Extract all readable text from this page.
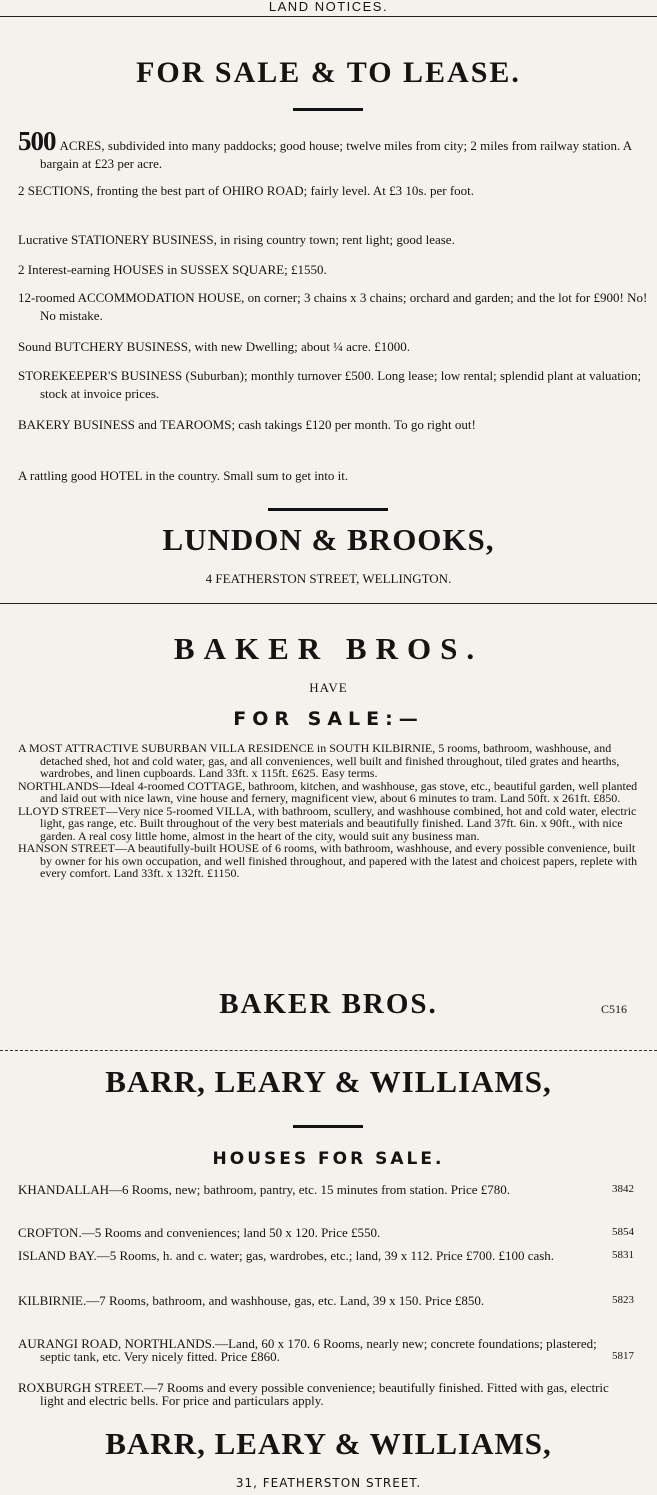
LAND NOTICES.
FOR SALE & TO LEASE.
500 ACRES, subdivided into many paddocks; good house; twelve miles from city; 2 miles from railway station. A bargain at £23 per acre.
2 SECTIONS, fronting the best part of OHIRO ROAD; fairly level. At £3 10s. per foot.
Lucrative STATIONERY BUSINESS, in rising country town; rent light; good lease.
2 Interest-earning HOUSES in SUSSEX SQUARE; £1550.
12-roomed ACCOMMODATION HOUSE, on corner; 3 chains x 3 chains; orchard and garden; and the lot for £900! No! No mistake.
Sound BUTCHERY BUSINESS, with new Dwelling; about ¼ acre. £1000.
STOREKEEPER'S BUSINESS (Suburban); monthly turnover £500. Long lease; low rental; splendid plant at valuation; stock at invoice prices.
BAKERY BUSINESS and TEAROOMS; cash takings £120 per month. To go right out!
A rattling good HOTEL in the country. Small sum to get into it.
LUNDON & BROOKS,
4 FEATHERSTON STREET, WELLINGTON.
BAKER BROS.
HAVE
FOR SALE:—

A MOST ATTRACTIVE SUBURBAN VILLA RESIDENCE in SOUTH KILBIRNIE, 5 rooms, bathroom, washhouse, and detached shed, hot and cold water, gas, and all conveniences, well built and finished throughout, tiled grates and hearths, wardrobes, and linen cupboards. Land 33ft. x 115ft. £625. Easy terms.

NORTHLANDS—Ideal 4-roomed COTTAGE, bathroom, kitchen, and washhouse, gas stove, etc., beautiful garden, well planted and laid out with nice lawn, vine house and fernery, magnificent view, about 6 minutes to tram. Land 50ft. x 261ft. £850.

LLOYD STREET—Very nice 5-roomed VILLA, with bathroom, scullery, and washhouse combined, hot and cold water, electric light, gas range, etc. Built throughout of the very best materials and beautifully finished. Land 37ft. 6in. x 90ft., with nice garden. A real cosy little home, almost in the heart of the city, would suit any business man.

HANSON STREET—A beautifully-built HOUSE of 6 rooms, with bathroom, washhouse, and every possible convenience, built by owner for his own occupation, and well finished throughout, and papered with the latest and choicest papers, replete with every comfort. Land 33ft. x 132ft. £1150.

BAKER BROS.	C516
BARR, LEARY & WILLIAMS,
HOUSES FOR SALE.
KHANDALLAH—6 Rooms, new; bathroom, pantry, etc. 15 minutes from station. Price £780.	3842
CROFTON.—5 Rooms and conveniences; land 50 x 120. Price £550.	5854
ISLAND BAY.—5 Rooms, h. and c. water; gas, wardrobes, etc.; land, 39 x 112. Price £700. £100 cash.	5831
KILBIRNIE.—7 Rooms, bathroom, and washhouse, gas, etc. Land, 39 x 150. Price £850.	5823
AURANGI ROAD, NORTHLANDS.—Land, 60 x 170. 6 Rooms, nearly new; concrete foundations; plastered; septic tank, etc. Very nicely fitted. Price £860.	5817
ROXBURGH STREET.—7 Rooms and every possible convenience; beautifully finished. Fitted with gas, electric light and electric bells. For price and particulars apply.
BARR, LEARY & WILLIAMS,
31, FEATHERSTON STREET.
